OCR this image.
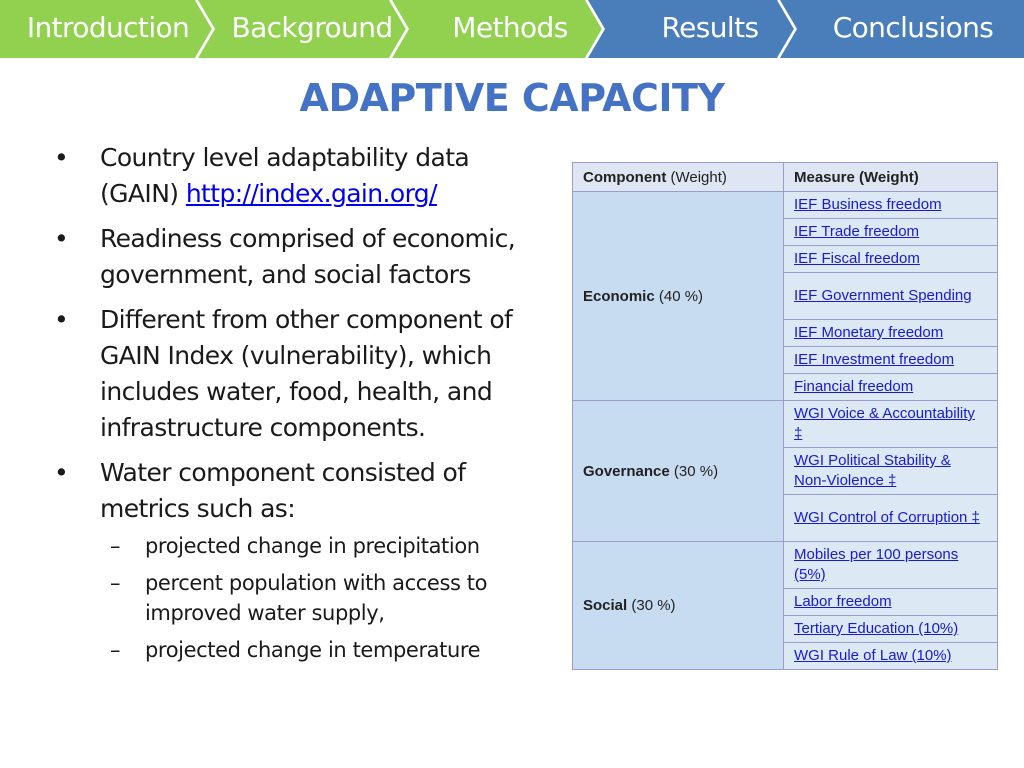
Introduction	Background	Methods	Results	Conclusions
ADAPTIVE CAPACITY
• Country level adaptability data (GAIN) http://index.gain.org/
• Readiness comprised of economic, government, and social factors
• Different from other component of GAIN Index (vulnerability), which includes water, food, health, and infrastructure components.
• Water component consisted of metrics such as:
– projected change in precipitation
– percent population with access to improved water supply,
– projected change in temperature
Component (Weight)	Measure (Weight)
Economic (40 %)	IEF Business freedom
	IEF Trade freedom
	IEF Fiscal freedom
	IEF Government Spending
	IEF Monetary freedom
	IEF Investment freedom
	Financial freedom
Governance (30 %)	WGI Voice & Accountability ‡
	WGI Political Stability & Non-Violence ‡
	WGI Control of Corruption ‡
Social (30 %)	Mobiles per 100 persons (5%)
	Labor freedom
	Tertiary Education (10%)
	WGI Rule of Law (10%)
